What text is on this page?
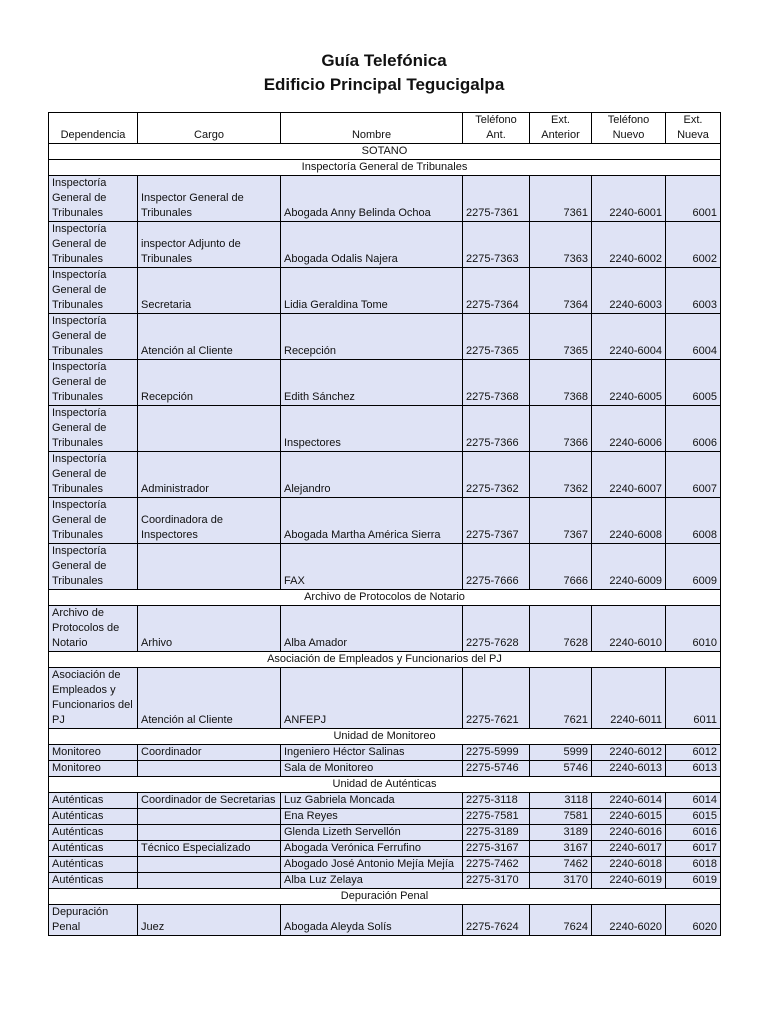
Guía Telefónica
Edificio Principal Tegucigalpa
Dependencia	Cargo	Nombre	Teléfono Ant.	Ext. Anterior	Teléfono Nuevo	Ext. Nueva
SOTANO						
Inspectoría General de Tribunales						
Inspectoría General de Tribunales	Inspector General de Tribunales	Abogada Anny Belinda Ochoa	2275-7361	7361	2240-6001	6001
Inspectoría General de Tribunales	inspector Adjunto de Tribunales	Abogada Odalis Najera	2275-7363	7363	2240-6002	6002
Inspectoría General de Tribunales	Secretaria	Lidia Geraldina Tome	2275-7364	7364	2240-6003	6003
Inspectoría General de Tribunales	Atención al Cliente	Recepción	2275-7365	7365	2240-6004	6004
Inspectoría General de Tribunales	Recepción	Edith Sánchez	2275-7368	7368	2240-6005	6005
Inspectoría General de Tribunales		Inspectores	2275-7366	7366	2240-6006	6006
Inspectoría General de Tribunales	Administrador	Alejandro	2275-7362	7362	2240-6007	6007
Inspectoría General de Tribunales	Coordinadora de Inspectores	Abogada Martha América Sierra	2275-7367	7367	2240-6008	6008
Inspectoría General de Tribunales		FAX	2275-7666	7666	2240-6009	6009
Archivo de Protocolos de Notario						
Archivo de Protocolos de Notario	Arhivo	Alba Amador	2275-7628	7628	2240-6010	6010
Asociación de Empleados y Funcionarios del PJ						
Asociación de Empleados y Funcionarios del PJ	Atención al Cliente	ANFEPJ	2275-7621	7621	2240-6011	6011
Unidad de Monitoreo						
Monitoreo	Coordinador	Ingeniero Héctor Salinas	2275-5999	5999	2240-6012	6012
Monitoreo		Sala de Monitoreo	2275-5746	5746	2240-6013	6013
Unidad de Auténticas						
Auténticas	Coordinador de Secretarias	Luz Gabriela Moncada	2275-3118	3118	2240-6014	6014
Auténticas		Ena Reyes	2275-7581	7581	2240-6015	6015
Auténticas		Glenda Lizeth Servellón	2275-3189	3189	2240-6016	6016
Auténticas	Técnico Especializado	Abogada Verónica Ferrufino	2275-3167	3167	2240-6017	6017
Auténticas		Abogado José Antonio Mejía Mejía	2275-7462	7462	2240-6018	6018
Auténticas		Alba Luz Zelaya	2275-3170	3170	2240-6019	6019
Depuración Penal						
Depuración Penal	Juez	Abogada Aleyda Solís	2275-7624	7624	2240-6020	6020
